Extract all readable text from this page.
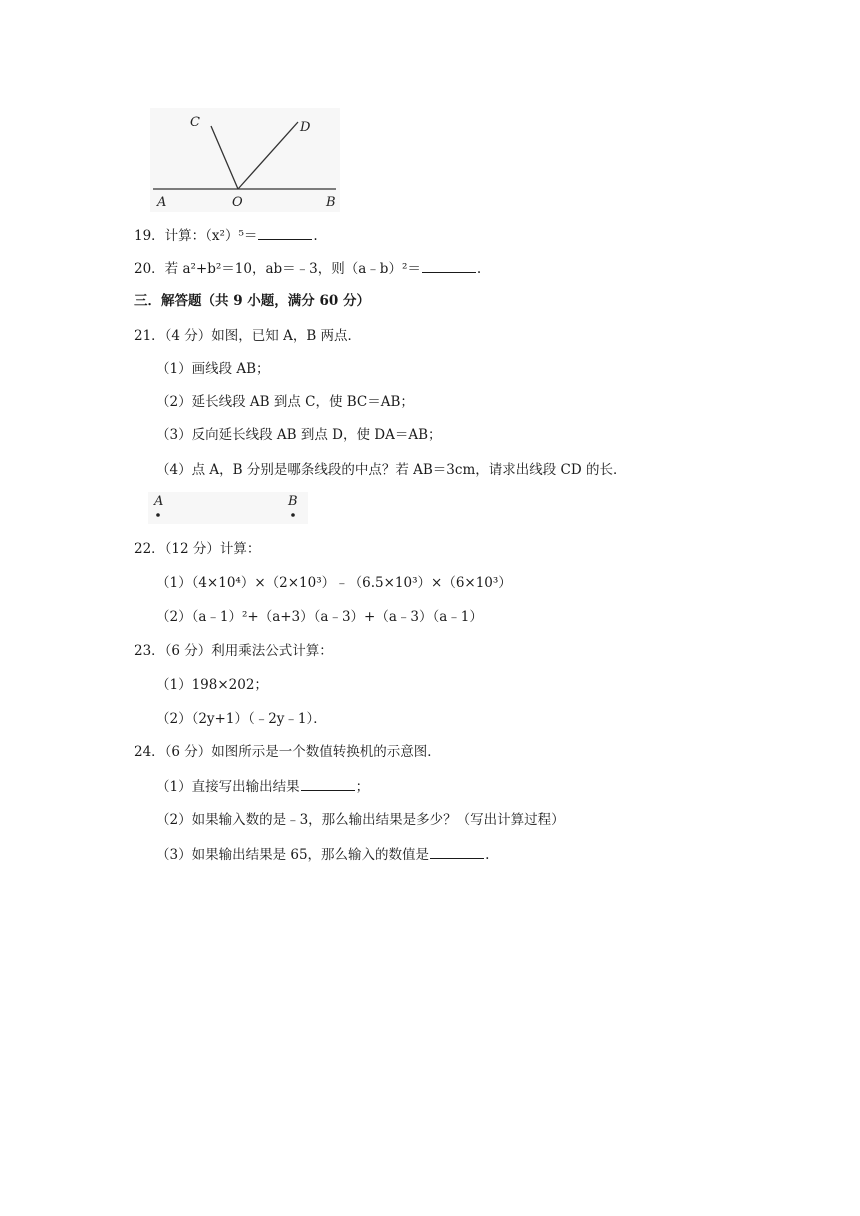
C	D
A	O	B
19．计算：（x²）⁵＝	.
20．若 a²+b²＝10，ab＝﹣3，则（a﹣b）²＝	.
三．解答题（共 9 小题，满分 60 分）
21．（4 分）如图，已知 A，B 两点．
（1）画线段 AB；
（2）延长线段 AB 到点 C，使 BC＝AB；
（3）反向延长线段 AB 到点 D，使 DA＝AB；
（4）点 A，B 分别是哪条线段的中点？若 AB＝3cm，请求出线段 CD 的长．
A	B
22．（12 分）计算：
（1）（4×10⁴）×（2×10³）﹣（6.5×10³）×（6×10³）
（2）（a﹣1）²+（a+3）（a﹣3）+（a﹣3）（a﹣1）
23．（6 分）利用乘法公式计算：
（1）198×202；
（2）（2y+1）（﹣2y﹣1）．
24．（6 分）如图所示是一个数值转换机的示意图．
（1）直接写出输出结果	；
（2）如果输入数的是﹣3，那么输出结果是多少？（写出计算过程）
（3）如果输出结果是 65，那么输入的数值是	.
